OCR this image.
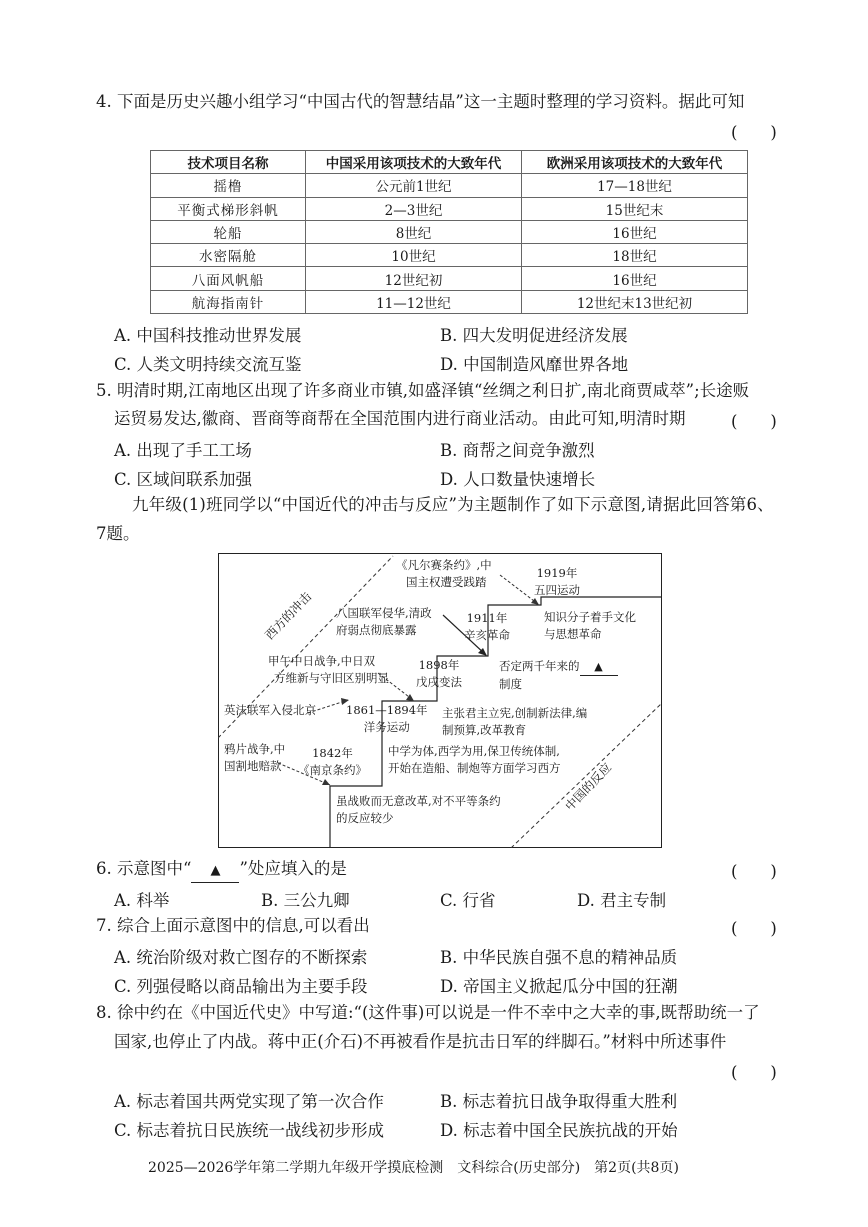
4. 下面是历史兴趣小组学习“中国古代的智慧结晶”这一主题时整理的学习资料。据此可知
(　　)
技术项目名称	中国采用该项技术的大致年代	欧洲采用该项技术的大致年代
摇橹	公元前1世纪	17—18世纪
平衡式梯形斜帆	2—3世纪	15世纪末
轮船	8世纪	16世纪
水密隔舱	10世纪	18世纪
八面风帆船	12世纪初	16世纪
航海指南针	11—12世纪	12世纪末13世纪初
A. 中国科技推动世界发展	B. 四大发明促进经济发展
C. 人类文明持续交流互鉴	D. 中国制造风靡世界各地
5. 明清时期,江南地区出现了许多商业市镇,如盛泽镇“丝绸之利日扩,南北商贾咸萃”;长途贩
运贸易发达,徽商、晋商等商帮在全国范围内进行商业活动。由此可知,明清时期	(　　)
A. 出现了手工工场	B. 商帮之间竞争激烈
C. 区域间联系加强	D. 人口数量快速增长
九年级(1)班同学以“中国近代的冲击与反应”为主题制作了如下示意图,请据此回答第6、
7题。
西方的冲击
中国的反应
鸦片战争,中
国割地赔款
英法联军入侵北京
甲午中日战争,中日双
方维新与守旧区别明显
八国联军侵华,清政
府弱点彻底暴露
《凡尔赛条约》,中
国主权遭受践踏
1842年
《南京条约》
1861—1894年
洋务运动
1898年
戊戌变法
1911年
辛亥革命
1919年
五四运动
虽战败而无意改革,对不平等条约
的反应较少
中学为体,西学为用,保卫传统体制,
开始在造船、制炮等方面学习西方
主张君主立宪,创制新法律,编
制预算,改革教育
否定两千年来的 ▲
制度
知识分子着手文化
与思想革命
6. 示意图中“ ▲ ”处应填入的是	(　　)
A. 科举	B. 三公九卿	C. 行省	D. 君主专制
7. 综合上面示意图中的信息,可以看出	(　　)
A. 统治阶级对救亡图存的不断探索	B. 中华民族自强不息的精神品质
C. 列强侵略以商品输出为主要手段	D. 帝国主义掀起瓜分中国的狂潮
8. 徐中约在《中国近代史》中写道:“(这件事)可以说是一件不幸中之大幸的事,既帮助统一了
国家,也停止了内战。蒋中正(介石)不再被看作是抗击日军的绊脚石。”材料中所述事件
(　　)
A. 标志着国共两党实现了第一次合作	B. 标志着抗日战争取得重大胜利
C. 标志着抗日民族统一战线初步形成	D. 标志着中国全民族抗战的开始
2025—2026学年第二学期九年级开学摸底检测　文科综合(历史部分)　第2页(共8页)
